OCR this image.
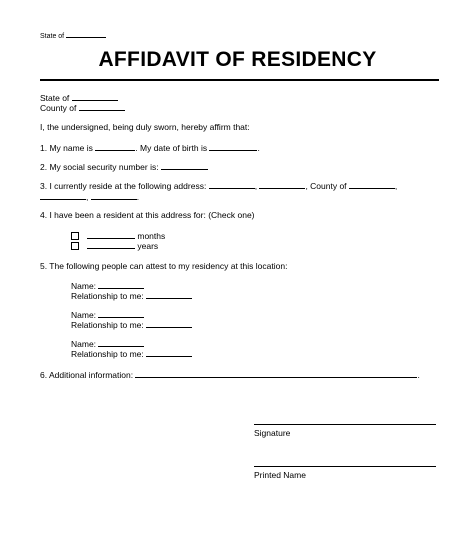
State of
AFFIDAVIT OF RESIDENCY
State of
County of
I, the undersigned, being duly sworn, hereby affirm that:
1. My name is	. My date of birth is	.
2. My social security number is:
3. I currently reside at the following address:	,	, County of	,
,	.
4. I have been a resident at this address for: (Check one)
months
years
5. The following people can attest to my residency at this location:
Name:
Relationship to me:
Name:
Relationship to me:
Name:
Relationship to me:
6. Additional information:	.
Signature
Printed Name
